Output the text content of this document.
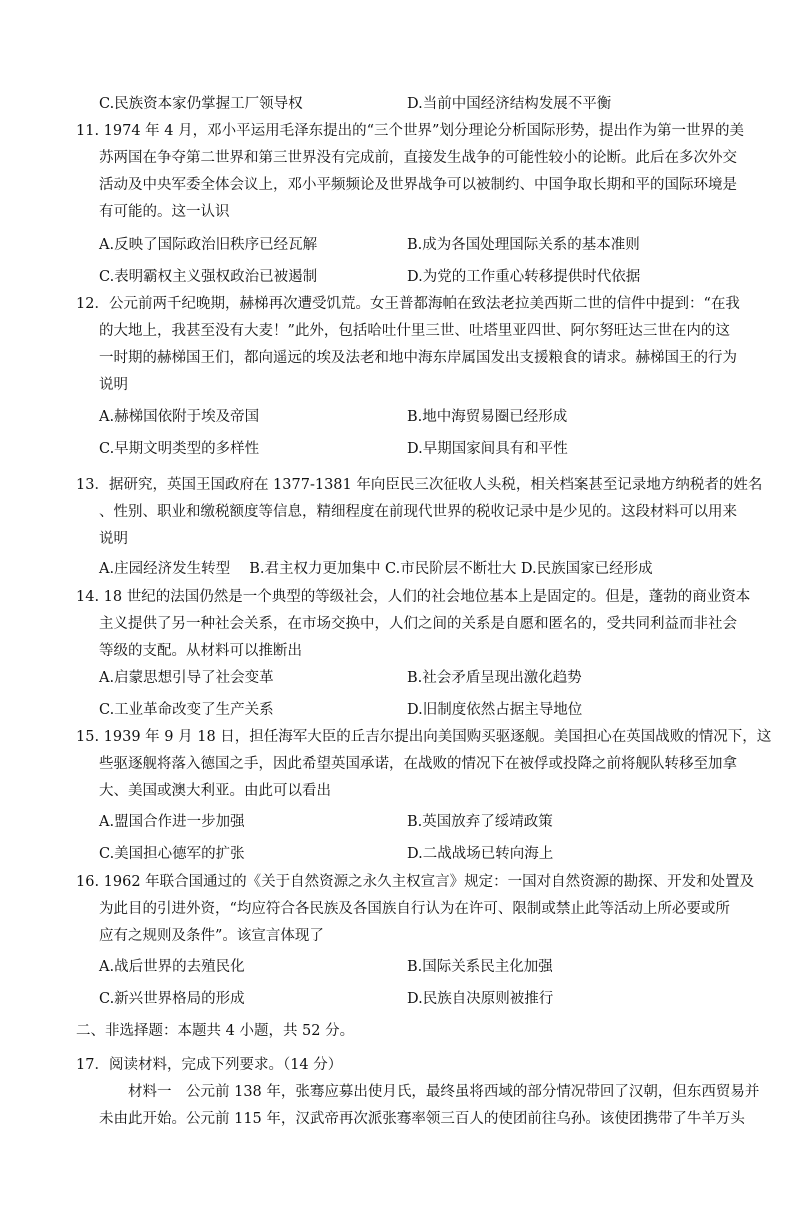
C.民族资本家仍掌握工厂领导权	D.当前中国经济结构发展不平衡
11. 1974 年 4 月，邓小平运用毛泽东提出的“三个世界”划分理论分析国际形势，提出作为第一世界的美
苏两国在争夺第二世界和第三世界没有完成前，直接发生战争的可能性较小的论断。此后在多次外交
活动及中央军委全体会议上，邓小平频频论及世界战争可以被制约、中国争取长期和平的国际环境是
有可能的。这一认识
A.反映了国际政治旧秩序已经瓦解	B.成为各国处理国际关系的基本准则
C.表明霸权主义强权政治已被遏制	D.为党的工作重心转移提供时代依据
12．公元前两千纪晚期，赫梯再次遭受饥荒。女王普都海帕在致法老拉美西斯二世的信件中提到：“在我
的大地上，我甚至没有大麦！”此外，包括哈吐什里三世、吐塔里亚四世、阿尔努旺达三世在内的这
一时期的赫梯国王们，都向遥远的埃及法老和地中海东岸属国发出支援粮食的请求。赫梯国王的行为
说明
A.赫梯国依附于埃及帝国	B.地中海贸易圈已经形成
C.早期文明类型的多样性	D.早期国家间具有和平性
13．据研究，英国王国政府在 1377-1381 年向臣民三次征收人头税，相关档案甚至记录地方纳税者的姓名
、性别、职业和缴税额度等信息，精细程度在前现代世界的税收记录中是少见的。这段材料可以用来
说明
A.庄园经济发生转型　 B.君主权力更加集中 C.市民阶层不断壮大 D.民族国家已经形成
14. 18 世纪的法国仍然是一个典型的等级社会，人们的社会地位基本上是固定的。但是，蓬勃的商业资本
主义提供了另一种社会关系，在市场交换中，人们之间的关系是自愿和匿名的，受共同利益而非社会
等级的支配。从材料可以推断出
A.启蒙思想引导了社会变革	B.社会矛盾呈现出激化趋势
C.工业革命改变了生产关系	D.旧制度依然占据主导地位
15. 1939 年 9 月 18 日，担任海军大臣的丘吉尔提出向美国购买驱逐舰。美国担心在英国战败的情况下，这
些驱逐舰将落入德国之手，因此希望英国承诺，在战败的情况下在被俘或投降之前将舰队转移至加拿
大、美国或澳大利亚。由此可以看出
A.盟国合作进一步加强	B.英国放弃了绥靖政策
C.美国担心德军的扩张	D.二战战场已转向海上
16. 1962 年联合国通过的《关于自然资源之永久主权宣言》规定：一国对自然资源的勘探、开发和处置及
为此目的引进外资，“均应符合各民族及各国族自行认为在许可、限制或禁止此等活动上所必要或所
应有之规则及条件”。该宣言体现了
A.战后世界的去殖民化	B.国际关系民主化加强
C.新兴世界格局的形成	D.民族自决原则被推行
二、非选择题：本题共 4 小题，共 52 分。
17．阅读材料，完成下列要求。（14 分）
　　材料一　公元前 138 年，张骞应募出使月氏，最终虽将西域的部分情况带回了汉朝，但东西贸易并
未由此开始。公元前 115 年，汉武帝再次派张骞率领三百人的使团前往乌孙。该使团携带了牛羊万头
